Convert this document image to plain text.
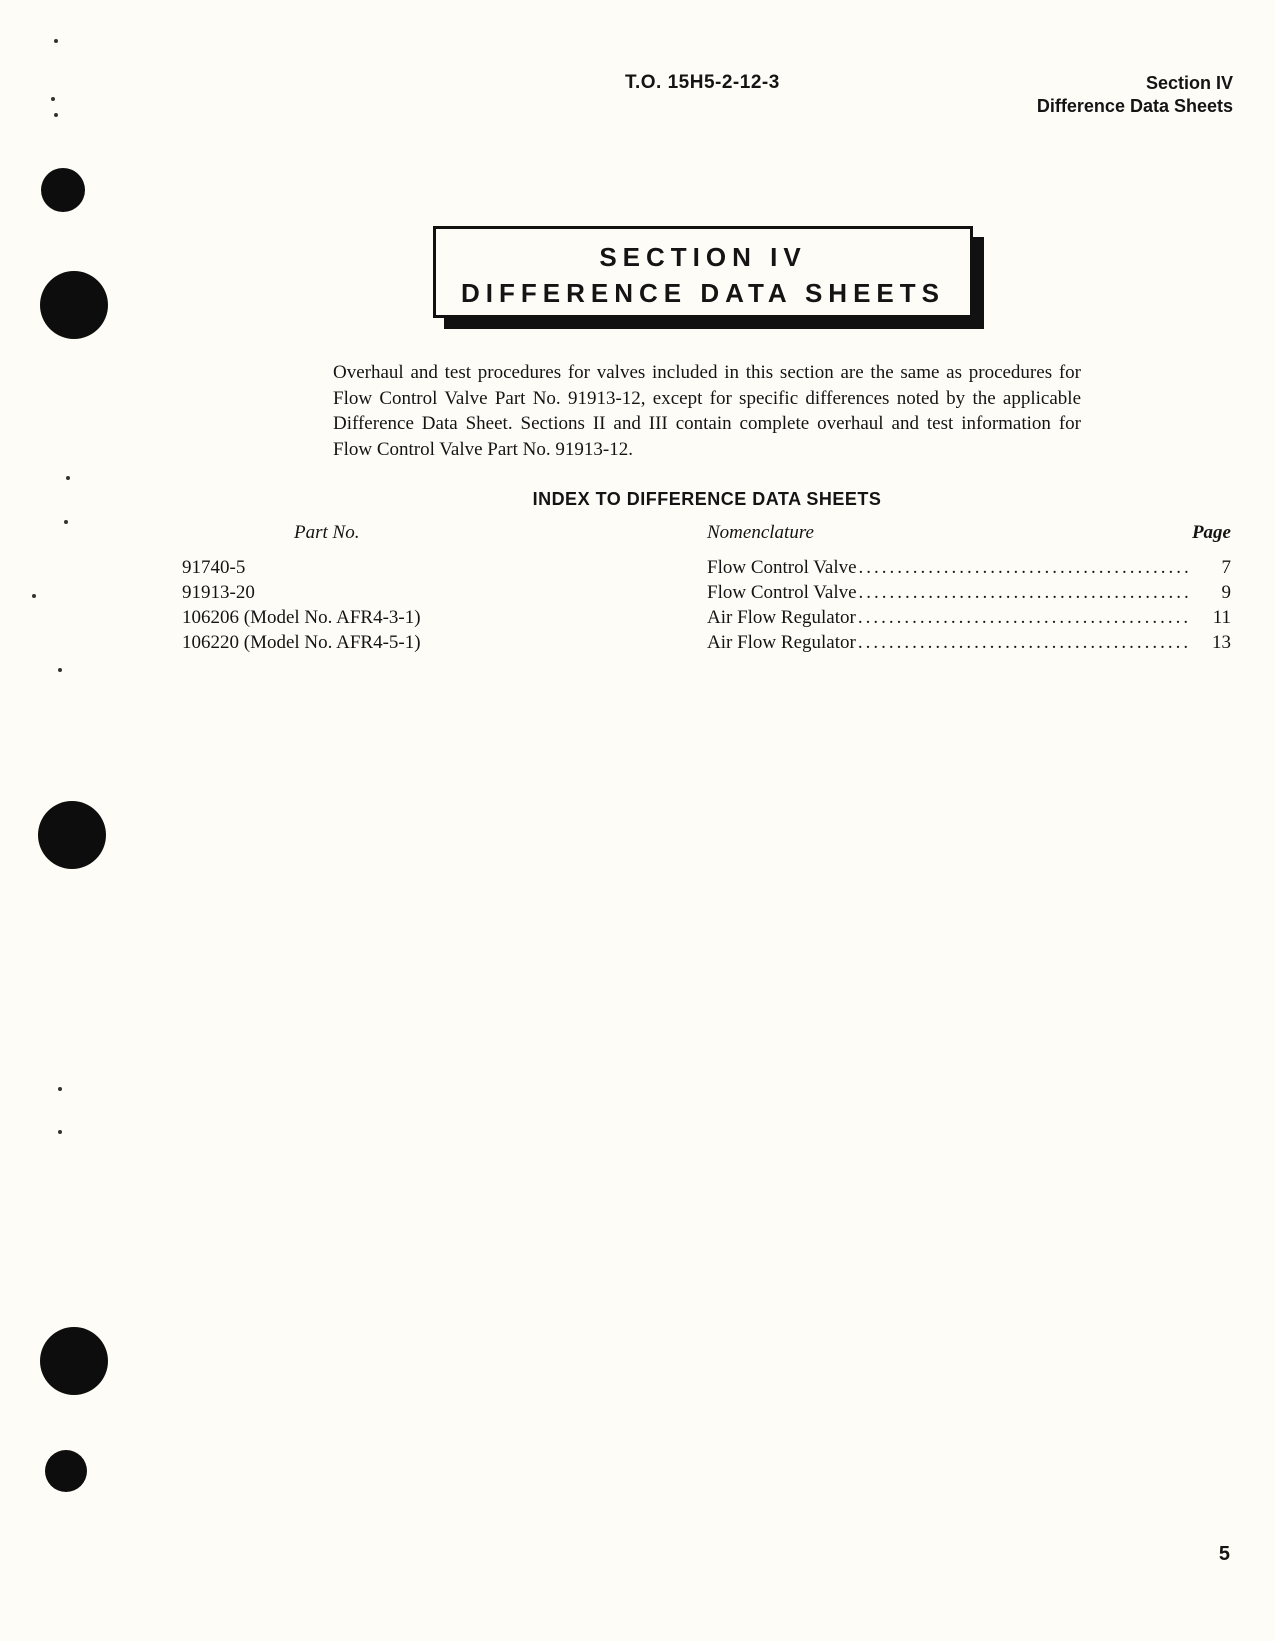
T.O. 15H5-2-12-3	Section IV
Difference Data Sheets
SECTION IV
DIFFERENCE DATA SHEETS

Overhaul and test procedures for valves included in this section are the same as procedures for Flow Control Valve Part No. 91913-12, except for specific differences noted by the applicable Difference Data Sheet. Sections II and III contain complete overhaul and test information for Flow Control Valve Part No. 91913-12.

INDEX TO DIFFERENCE DATA SHEETS
Part No.	Nomenclature	Page
91740-5	Flow Control Valve .....	7
91913-20	Flow Control Valve .....	9
106206 (Model No. AFR4-3-1)	Air Flow Regulator .....	11
106220 (Model No. AFR4-5-1)	Air Flow Regulator .....	13
5
